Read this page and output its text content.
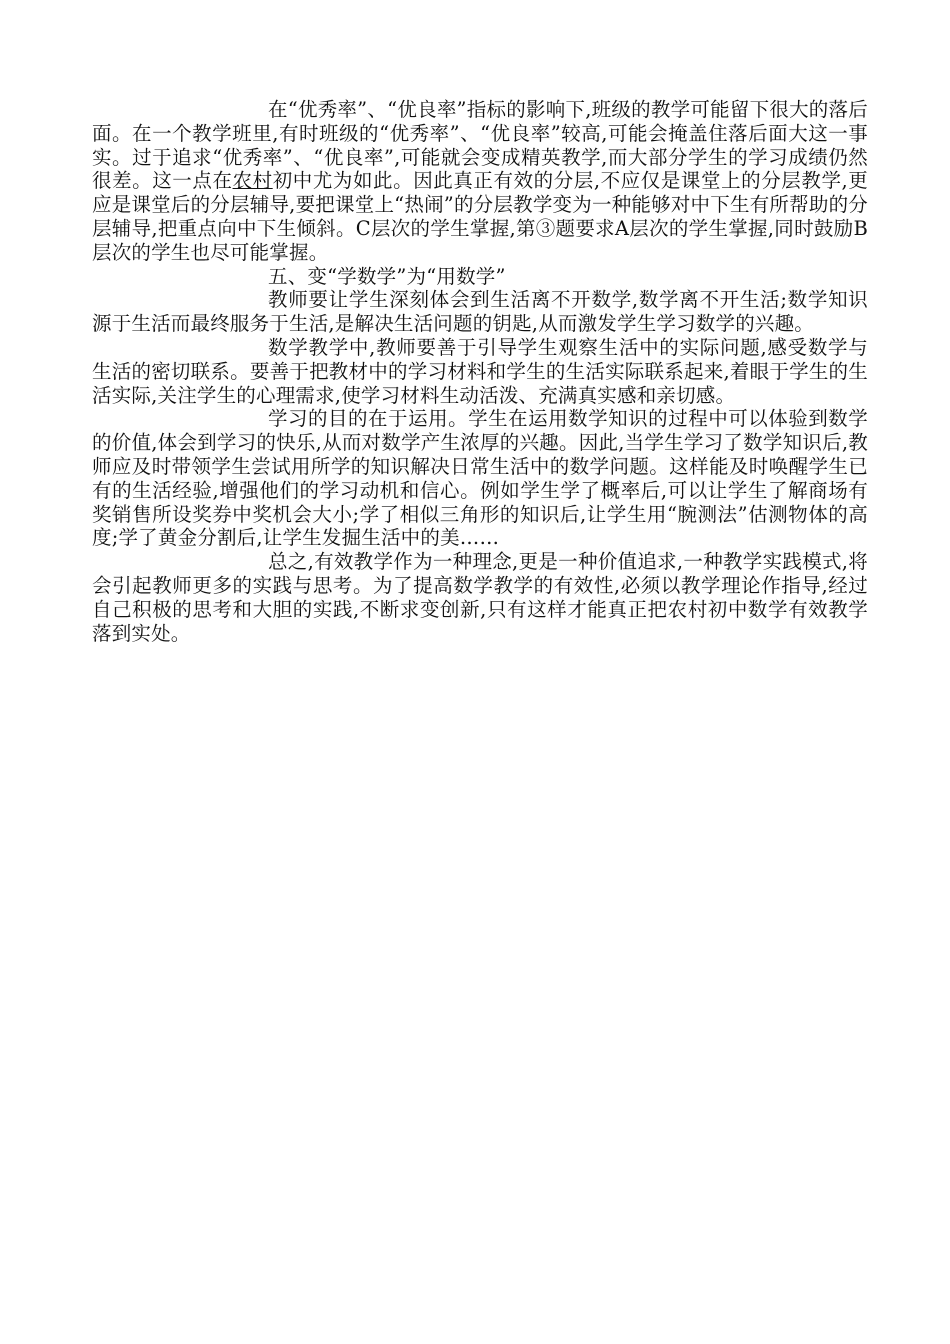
在“优秀率”、“优良率”指标的影响下,班级的教学可能留下很大的落后面。在一个教学班里,有时班级的“优秀率”、“优良率”较高,可能会掩盖住落后面大这一事实。过于追求“优秀率”、“优良率”,可能就会变成精英教学,而大部分学生的学习成绩仍然很差。这一点在农村初中尤为如此。因此真正有效的分层,不应仅是课堂上的分层教学,更应是课堂后的分层辅导,要把课堂上“热闹”的分层教学变为一种能够对中下生有所帮助的分层辅导,把重点向中下生倾斜。C层次的学生掌握,第③题要求A层次的学生掌握,同时鼓励B层次的学生也尽可能掌握。

五、变“学数学”为“用数学”

教师要让学生深刻体会到生活离不开数学,数学离不开生活;数学知识源于生活而最终服务于生活,是解决生活问题的钥匙,从而激发学生学习数学的兴趣。

数学教学中,教师要善于引导学生观察生活中的实际问题,感受数学与生活的密切联系。要善于把教材中的学习材料和学生的生活实际联系起来,着眼于学生的生活实际,关注学生的心理需求,使学习材料生动活泼、充满真实感和亲切感。

学习的目的在于运用。学生在运用数学知识的过程中可以体验到数学的价值,体会到学习的快乐,从而对数学产生浓厚的兴趣。因此,当学生学习了数学知识后,教师应及时带领学生尝试用所学的知识解决日常生活中的数学问题。这样能及时唤醒学生已有的生活经验,增强他们的学习动机和信心。例如学生学了概率后,可以让学生了解商场有奖销售所设奖券中奖机会大小;学了相似三角形的知识后,让学生用“腕测法”估测物体的高度;学了黄金分割后,让学生发掘生活中的美……

总之,有效教学作为一种理念,更是一种价值追求,一种教学实践模式,将会引起教师更多的实践与思考。为了提高数学教学的有效性,必须以教学理论作指导,经过自己积极的思考和大胆的实践,不断求变创新,只有这样才能真正把农村初中数学有效教学落到实处。
